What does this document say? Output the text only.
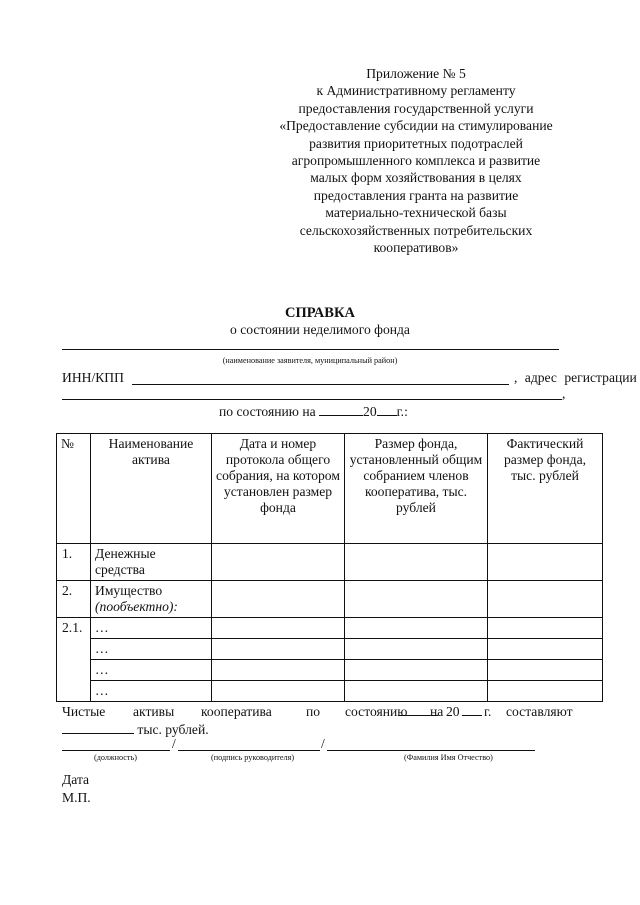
Приложение № 5
к Административному регламенту
предоставления государственной услуги
«Предоставление субсидии на стимулирование
развития приоритетных подотраслей
агропромышленного комплекса и развитие
малых форм хозяйствования в целях
предоставления гранта на развитие
материально-технической базы
сельскохозяйственных потребительских
кооперативов»
СПРАВКА
о состоянии неделимого фонда
(наименование заявителя, муниципальный район)
ИНН/КПП	, адрес регистрации
,
по состоянию на	20 г.:
№	Наименование актива	Дата и номер протокола общего собрания, на котором установлен размер фонда	Размер фонда, установленный общим собранием членов кооператива, тыс. рублей	Фактический размер фонда, тыс. рублей
1.	Денежные средства			
2.	Имущество
(пообъектно):			

2.1.	…			
	…			
	…			
	…			
Чистые активы кооператива	по состоянию на 20 г. составляют
тыс. рублей.
/	/
(должность)	(подпись руководителя)	(Фамилия Имя Отчество)
Дата
М.П.
